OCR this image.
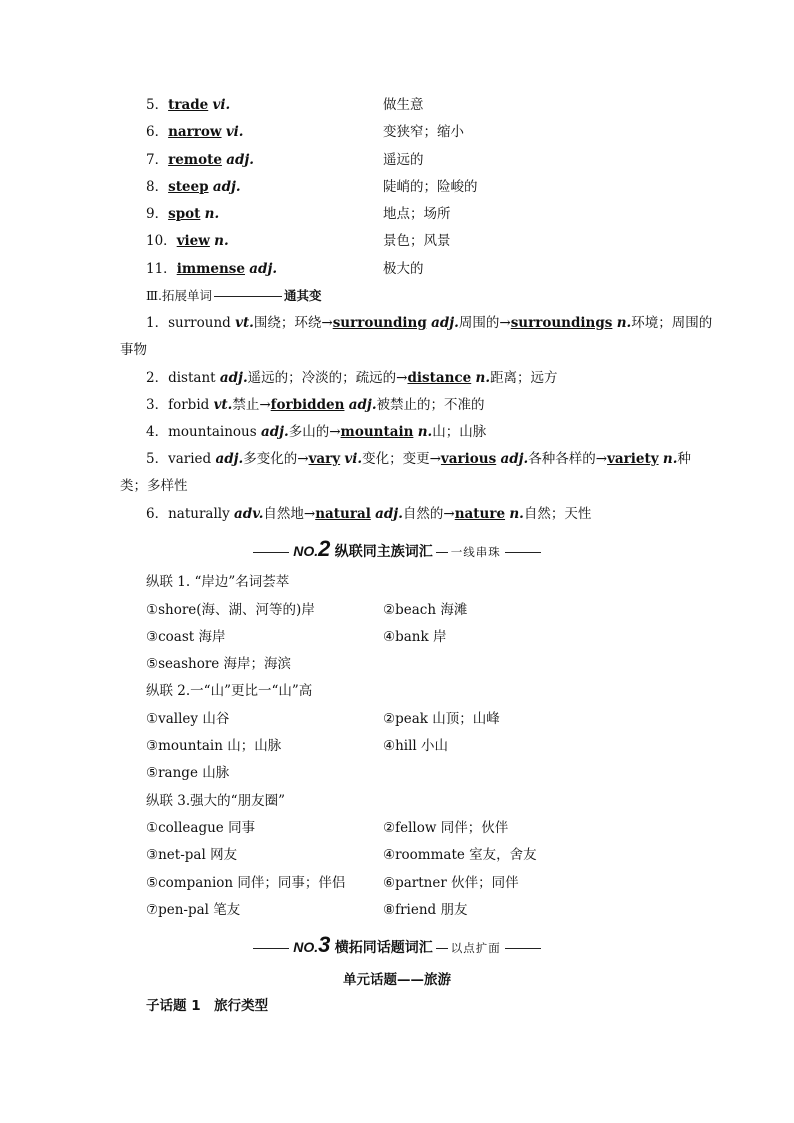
5．trade vi.	做生意
6．narrow vi.	变狭窄；缩小
7．remote adj.	遥远的
8．steep adj.	陡峭的；险峻的
9．spot n.	地点；场所
10．view n.	景色；风景
11．immense adj.	极大的
Ⅲ.拓展单词	通其变
1．surround vt.围绕；环绕→surrounding adj.周围的→surroundings n.环境；周围的
事物
2．distant adj.遥远的；冷淡的；疏远的→distance n.距离；远方
3．forbid vt.禁止→forbidden adj.被禁止的；不准的
4．mountainous adj.多山的→mountain n.山；山脉
5．varied adj.多变化的→vary vi.变化；变更→various adj.各种各样的→variety n.种
类；多样性
6．naturally adv.自然地→natural adj.自然的→nature n.自然；天性
NO.2 纵联同主族词汇 一线串珠
纵联 1. “岸边”名词荟萃
①shore(海、湖、河等的)岸	②beach 海滩
③coast 海岸	④bank 岸
⑤seashore 海岸；海滨
纵联 2.一“山”更比一“山”高
①valley 山谷	②peak 山顶；山峰
③mountain 山；山脉	④hill 小山
⑤range 山脉
纵联 3.强大的“朋友圈”
①colleague 同事	②fellow 同伴；伙伴
③net-pal 网友	④roommate 室友，舍友
⑤companion 同伴；同事；伴侣	⑥partner 伙伴；同伴
⑦pen-pal 笔友	⑧friend 朋友
NO.3 横拓同话题词汇 以点扩面
单元话题——旅游
子话题 1　旅行类型
